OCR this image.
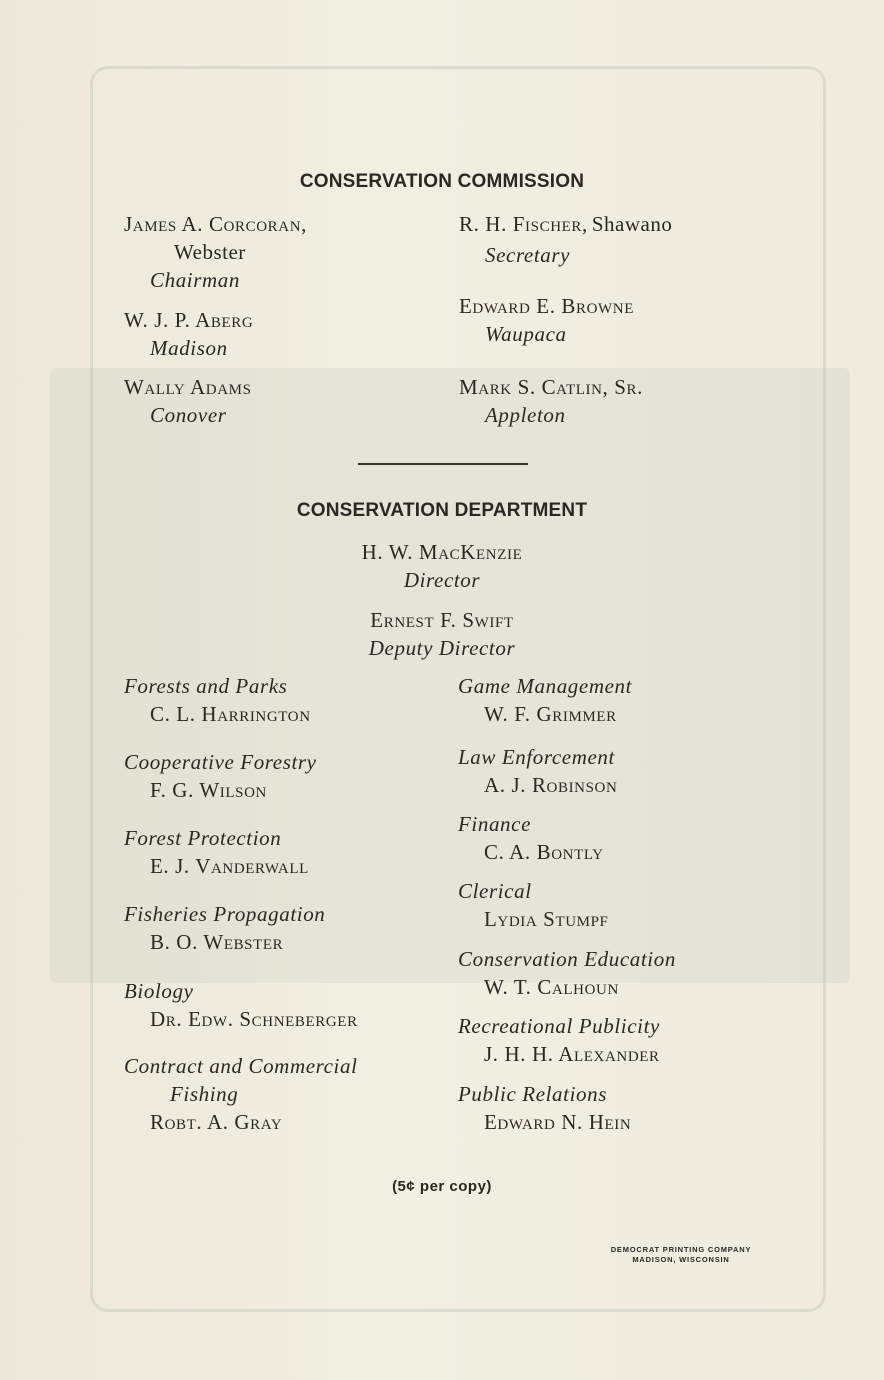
CONSERVATION COMMISSION
James A. Corcoran,
Webster
Chairman
W. J. P. Aberg
Madison
Wally Adams
Conover
R. H. Fischer, Shawano
Secretary
Edward E. Browne
Waupaca
Mark S. Catlin, Sr.
Appleton
CONSERVATION DEPARTMENT
H. W. MacKenzie
Director
Ernest F. Swift
Deputy Director
Forests and Parks
C. L. Harrington
Cooperative Forestry
F. G. Wilson
Forest Protection
E. J. Vanderwall
Fisheries Propagation
B. O. Webster
Biology
Dr. Edw. Schneberger
Contract and Commercial
Fishing
Robt. A. Gray
Game Management
W. F. Grimmer
Law Enforcement
A. J. Robinson
Finance
C. A. Bontly
Clerical
Lydia Stumpf
Conservation Education
W. T. Calhoun
Recreational Publicity
J. H. H. Alexander
Public Relations
Edward N. Hein
(5¢ per copy)
DEMOCRAT PRINTING COMPANY
MADISON, WISCONSIN
